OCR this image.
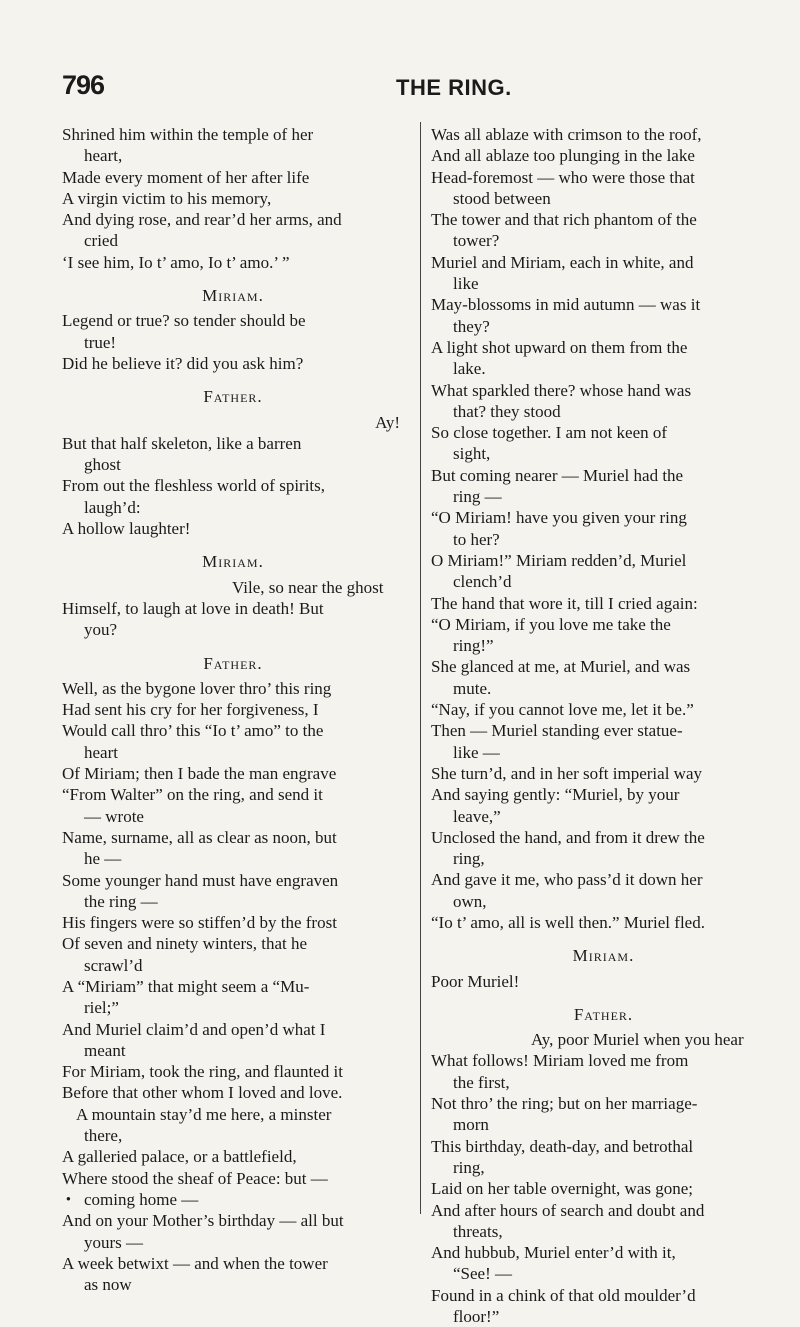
796	THE RING.
Shrined him within the temple of her
heart,
Made every moment of her after life
A virgin victim to his memory,
And dying rose, and rear’d her arms, and
cried
‘I see him, Io t’ amo, Io t’ amo.’ ”
Miriam.
Legend or true? so tender should be
true!
Did he believe it? did you ask him?
Father.
Ay!
But that half skeleton, like a barren
ghost
From out the fleshless world of spirits,
laugh’d:
A hollow laughter!
Miriam.
Vile, so near the ghost
Himself, to laugh at love in death! But
you?
Father.
Well, as the bygone lover thro’ this ring
Had sent his cry for her forgiveness, I
Would call thro’ this “Io t’ amo” to the
heart
Of Miriam; then I bade the man engrave
“From Walter” on the ring, and send it
— wrote
Name, surname, all as clear as noon, but
he —
Some younger hand must have engraven
the ring —
His fingers were so stiffen’d by the frost
Of seven and ninety winters, that he
scrawl’d
A “Miriam” that might seem a “Mu-
riel;”
And Muriel claim’d and open’d what I
meant
For Miriam, took the ring, and flaunted it
Before that other whom I loved and love.
A mountain stay’d me here, a minster
there,
A galleried palace, or a battlefield,
Where stood the sheaf of Peace: but —
coming home —
And on your Mother’s birthday — all but
yours —
A week betwixt — and when the tower
as now
Was all ablaze with crimson to the roof,
And all ablaze too plunging in the lake
Head-foremost — who were those that
stood between
The tower and that rich phantom of the
tower?
Muriel and Miriam, each in white, and
like
May-blossoms in mid autumn — was it
they?
A light shot upward on them from the
lake.
What sparkled there? whose hand was
that? they stood
So close together. I am not keen of
sight,
But coming nearer — Muriel had the
ring —
“O Miriam! have you given your ring
to her?
O Miriam!” Miriam redden’d, Muriel
clench’d
The hand that wore it, till I cried again:
“O Miriam, if you love me take the
ring!”
She glanced at me, at Muriel, and was
mute.
“Nay, if you cannot love me, let it be.”
Then — Muriel standing ever statue-
like —
She turn’d, and in her soft imperial way
And saying gently: “Muriel, by your
leave,”
Unclosed the hand, and from it drew the
ring,
And gave it me, who pass’d it down her
own,
“Io t’ amo, all is well then.” Muriel fled.
Miriam.
Poor Muriel!
Father.
Ay, poor Muriel when you hear
What follows! Miriam loved me from
the first,
Not thro’ the ring; but on her marriage-
morn
This birthday, death-day, and betrothal
ring,
Laid on her table overnight, was gone;
And after hours of search and doubt and
threats,
And hubbub, Muriel enter’d with it,
“See! —
Found in a chink of that old moulder’d
floor!”
●
